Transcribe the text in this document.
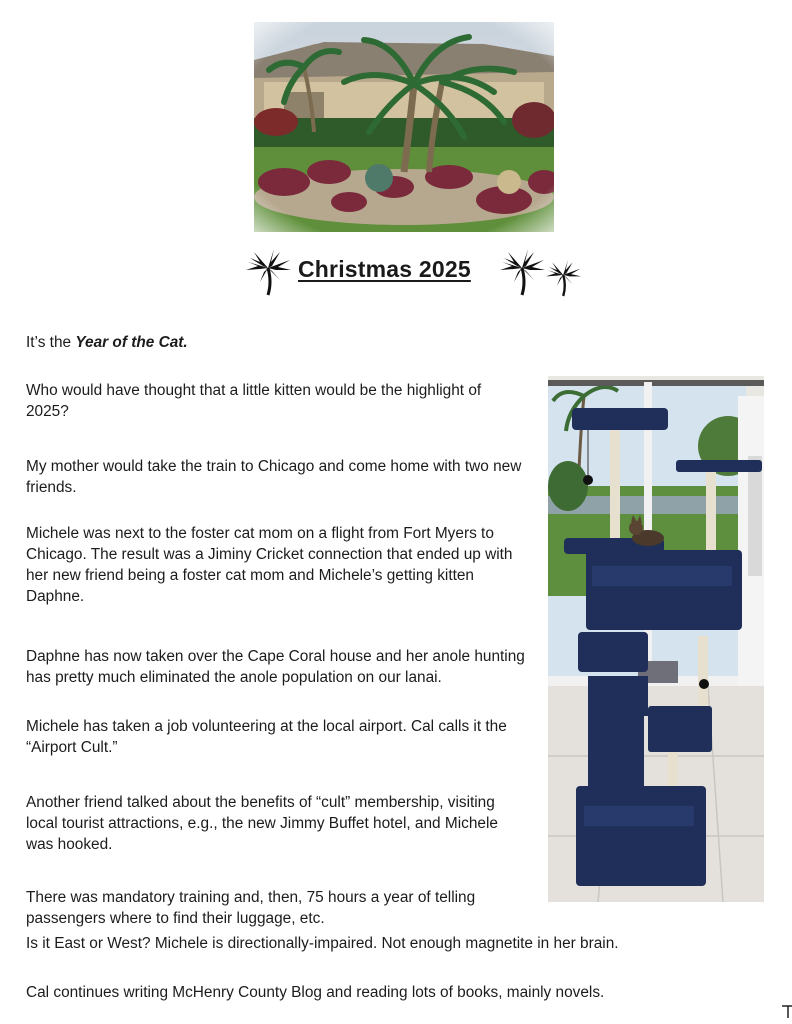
Christmas 2025
It’s the Year of the Cat.
Who would have thought that a little kitten would be the highlight of 2025?
My mother would take the train to Chicago and come home with two new friends.
Michele was next to the foster cat mom on a flight from Fort Myers to Chicago. The result was a Jiminy Cricket connection that ended up with her new friend being a foster cat mom and Michele’s getting kitten Daphne.
Daphne has now taken over the Cape Coral house and her anole hunting has pretty much eliminated the anole population on our lanai.
Michele has taken a job volunteering at the local airport. Cal calls it the “Airport Cult.”
Another friend talked about the benefits of “cult” membership, visiting local tourist attractions, e.g., the new Jimmy Buffet hotel, and Michele was hooked.
There was mandatory training and, then, 75 hours a year of telling passengers where to find their luggage, etc.
Is it East or West? Michele is directionally-impaired. Not enough magnetite in her brain.
Cal continues writing McHenry County Blog and reading lots of books, mainly novels.
